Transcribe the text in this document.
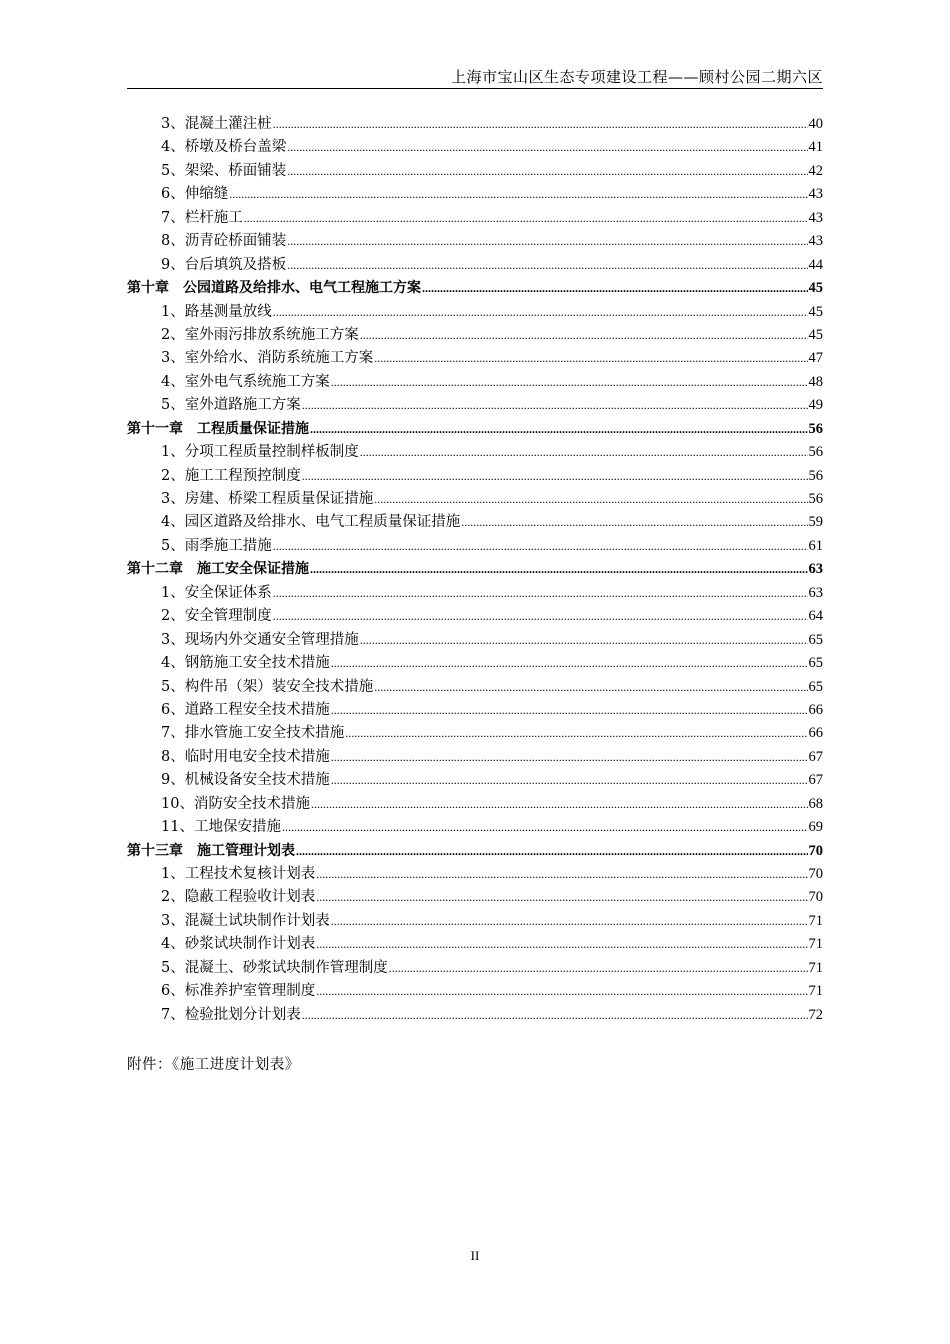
上海市宝山区生态专项建设工程——顾村公园二期六区
3、混凝土灌注桩 .....	40
4、桥墩及桥台盖梁 .....	41
5、架梁、桥面铺装 .....	42
6、伸缩缝 .....	43
7、栏杆施工 .....	43
8、沥青砼桥面铺装 .....	43
9、台后填筑及搭板 .....	44
第十章　公园道路及给排水、电气工程施工方案 .....	45
1、路基测量放线 .....	45
2、室外雨污排放系统施工方案 .....	45
3、室外给水、消防系统施工方案 .....	47
4、室外电气系统施工方案 .....	48
5、室外道路施工方案 .....	49
第十一章　工程质量保证措施 .....	56
1、分项工程质量控制样板制度 .....	56
2、施工工程预控制度 .....	56
3、房建、桥梁工程质量保证措施 .....	56
4、园区道路及给排水、电气工程质量保证措施 .....	59
5、雨季施工措施 .....	61
第十二章　施工安全保证措施 .....	63
1、安全保证体系 .....	63
2、安全管理制度 .....	64
3、现场内外交通安全管理措施 .....	65
4、钢筋施工安全技术措施 .....	65
5、构件吊（架）装安全技术措施 .....	65
6、道路工程安全技术措施 .....	66
7、排水管施工安全技术措施 .....	66
8、临时用电安全技术措施 .....	67
9、机械设备安全技术措施 .....	67
10、消防安全技术措施 .....	68
11、工地保安措施 .....	69
第十三章　施工管理计划表 .....	70
1、工程技术复核计划表 .....	70
2、隐蔽工程验收计划表 .....	70
3、混凝土试块制作计划表 .....	71
4、砂浆试块制作计划表 .....	71
5、混凝土、砂浆试块制作管理制度 .....	71
6、标准养护室管理制度 .....	71
7、检验批划分计划表 .....	72
附件：《施工进度计划表》
II
